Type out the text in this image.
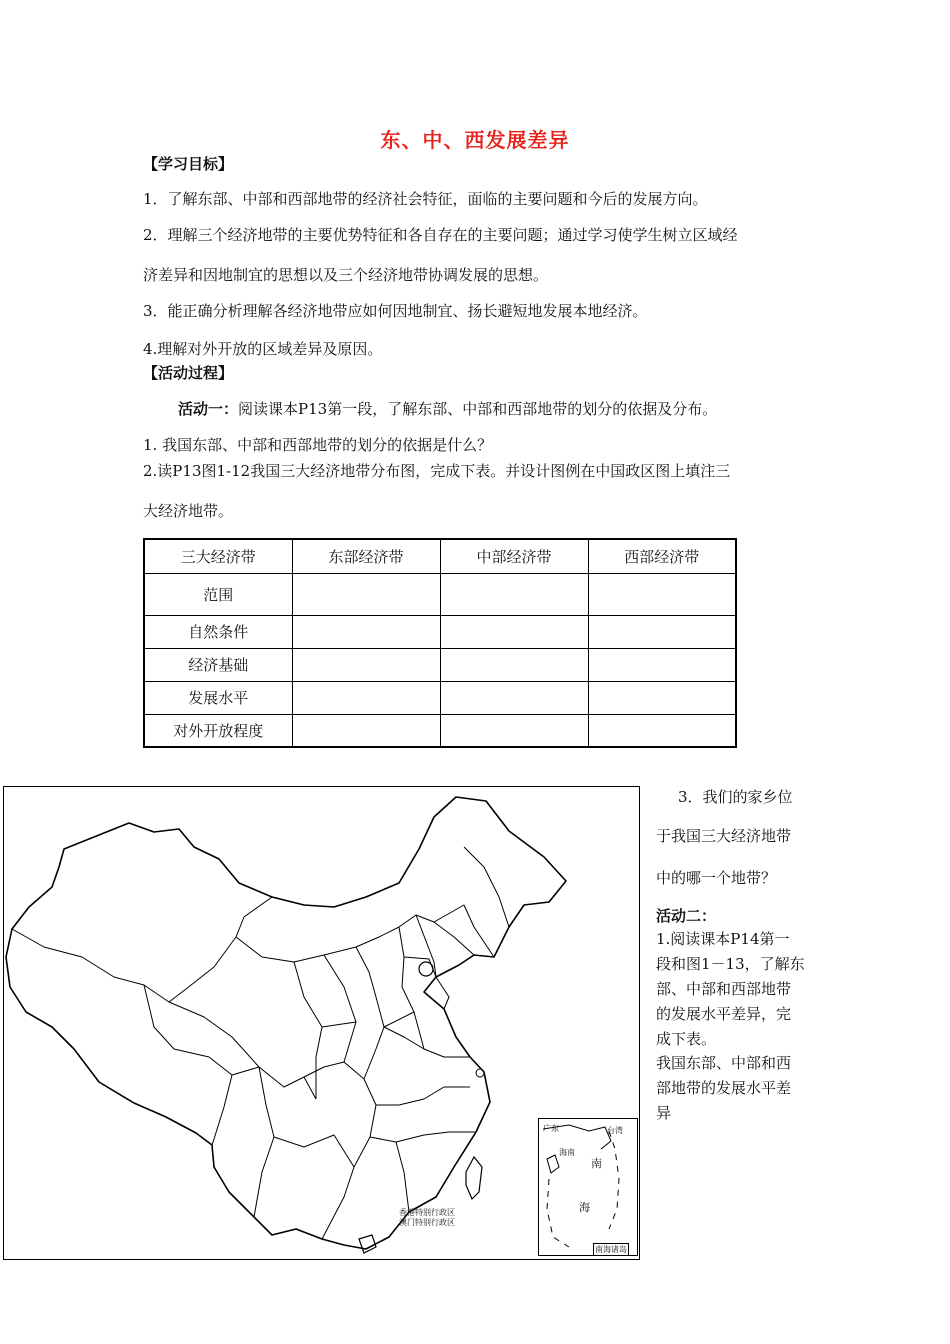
东、中、西发展差异
【学习目标】
1．了解东部、中部和西部地带的经济社会特征，面临的主要问题和今后的发展方向。
2．理解三个经济地带的主要优势特征和各自存在的主要问题；通过学习使学生树立区域经
济差异和因地制宜的思想以及三个经济地带协调发展的思想。
3．能正确分析理解各经济地带应如何因地制宜、扬长避短地发展本地经济。
4.理解对外开放的区域差异及原因。
【活动过程】
活动一：阅读课本P13第一段，了解东部、中部和西部地带的划分的依据及分布。
1. 我国东部、中部和西部地带的划分的依据是什么？
2.读P13图1-12我国三大经济地带分布图，完成下表。并设计图例在中国政区图上填注三
大经济地带。
三大经济带	东部经济带	中部经济带	西部经济带
范围			
自然条件			
经济基础			
发展水平			
对外开放程度			
香港特别行政区
澳门特别行政区
广东	台湾
海南
南
海
南海诸岛
3．我们的家乡位
于我国三大经济地带
中的哪一个地带？
活动二：
1.阅读课本P14第一
段和图1－13，了解东
部、中部和西部地带
的发展水平差异，完
成下表。
我国东部、中部和西
部地带的发展水平差
异
